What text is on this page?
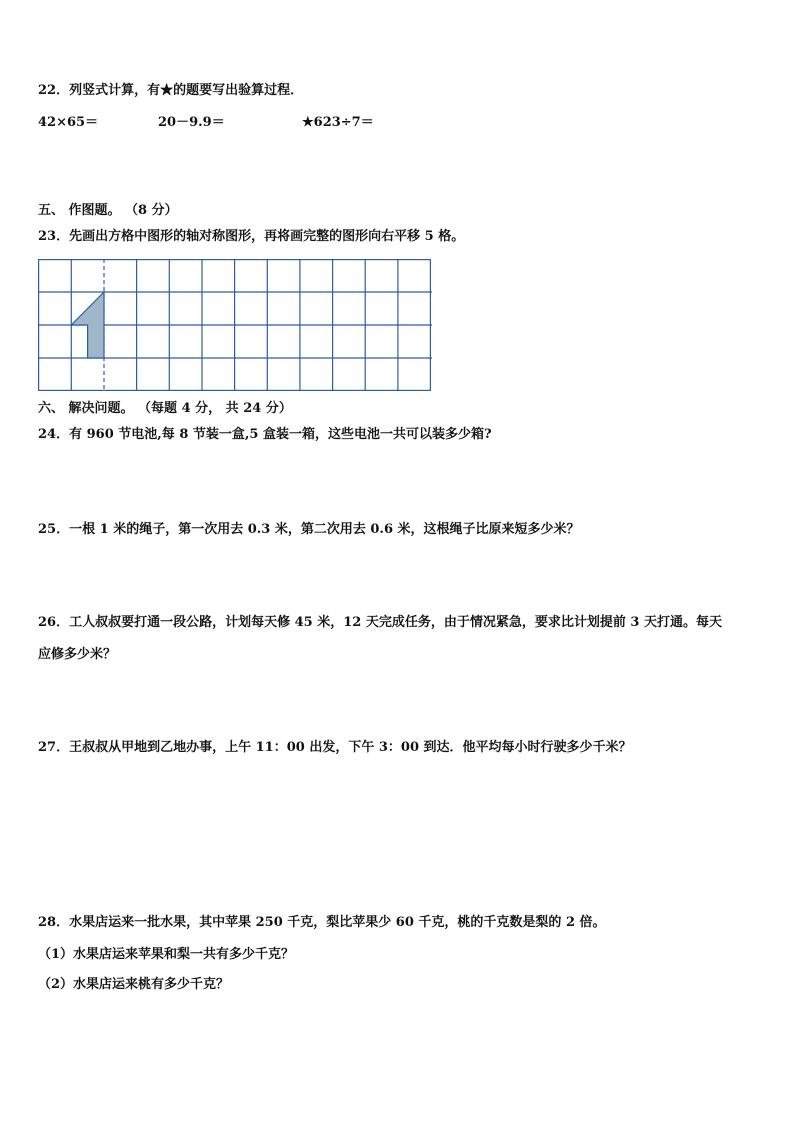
22．列竖式计算，有★的题要写出验算过程．
42×65＝	20－9.9＝	★623÷7＝
五、 作图题。 （8 分）
23．先画出方格中图形的轴对称图形，再将画完整的图形向右平移 5 格。
六、 解决问题。 （每题 4 分， 共 24 分）
24．有 960 节电池,每 8 节装一盒,5 盒装一箱，这些电池一共可以装多少箱?
25．一根 1 米的绳子，第一次用去 0.3 米，第二次用去 0.6 米，这根绳子比原来短多少米？
26．工人叔叔要打通一段公路，计划每天修 45 米，12 天完成任务，由于情况紧急，要求比计划提前 3 天打通。每天
应修多少米？
27．王叔叔从甲地到乙地办事，上午 11：00 出发，下午 3：00 到达．他平均每小时行驶多少千米？
28．水果店运来一批水果，其中苹果 250 千克，梨比苹果少 60 千克，桃的千克数是梨的 2 倍。
（1）水果店运来苹果和梨一共有多少千克？
（2）水果店运来桃有多少千克？
